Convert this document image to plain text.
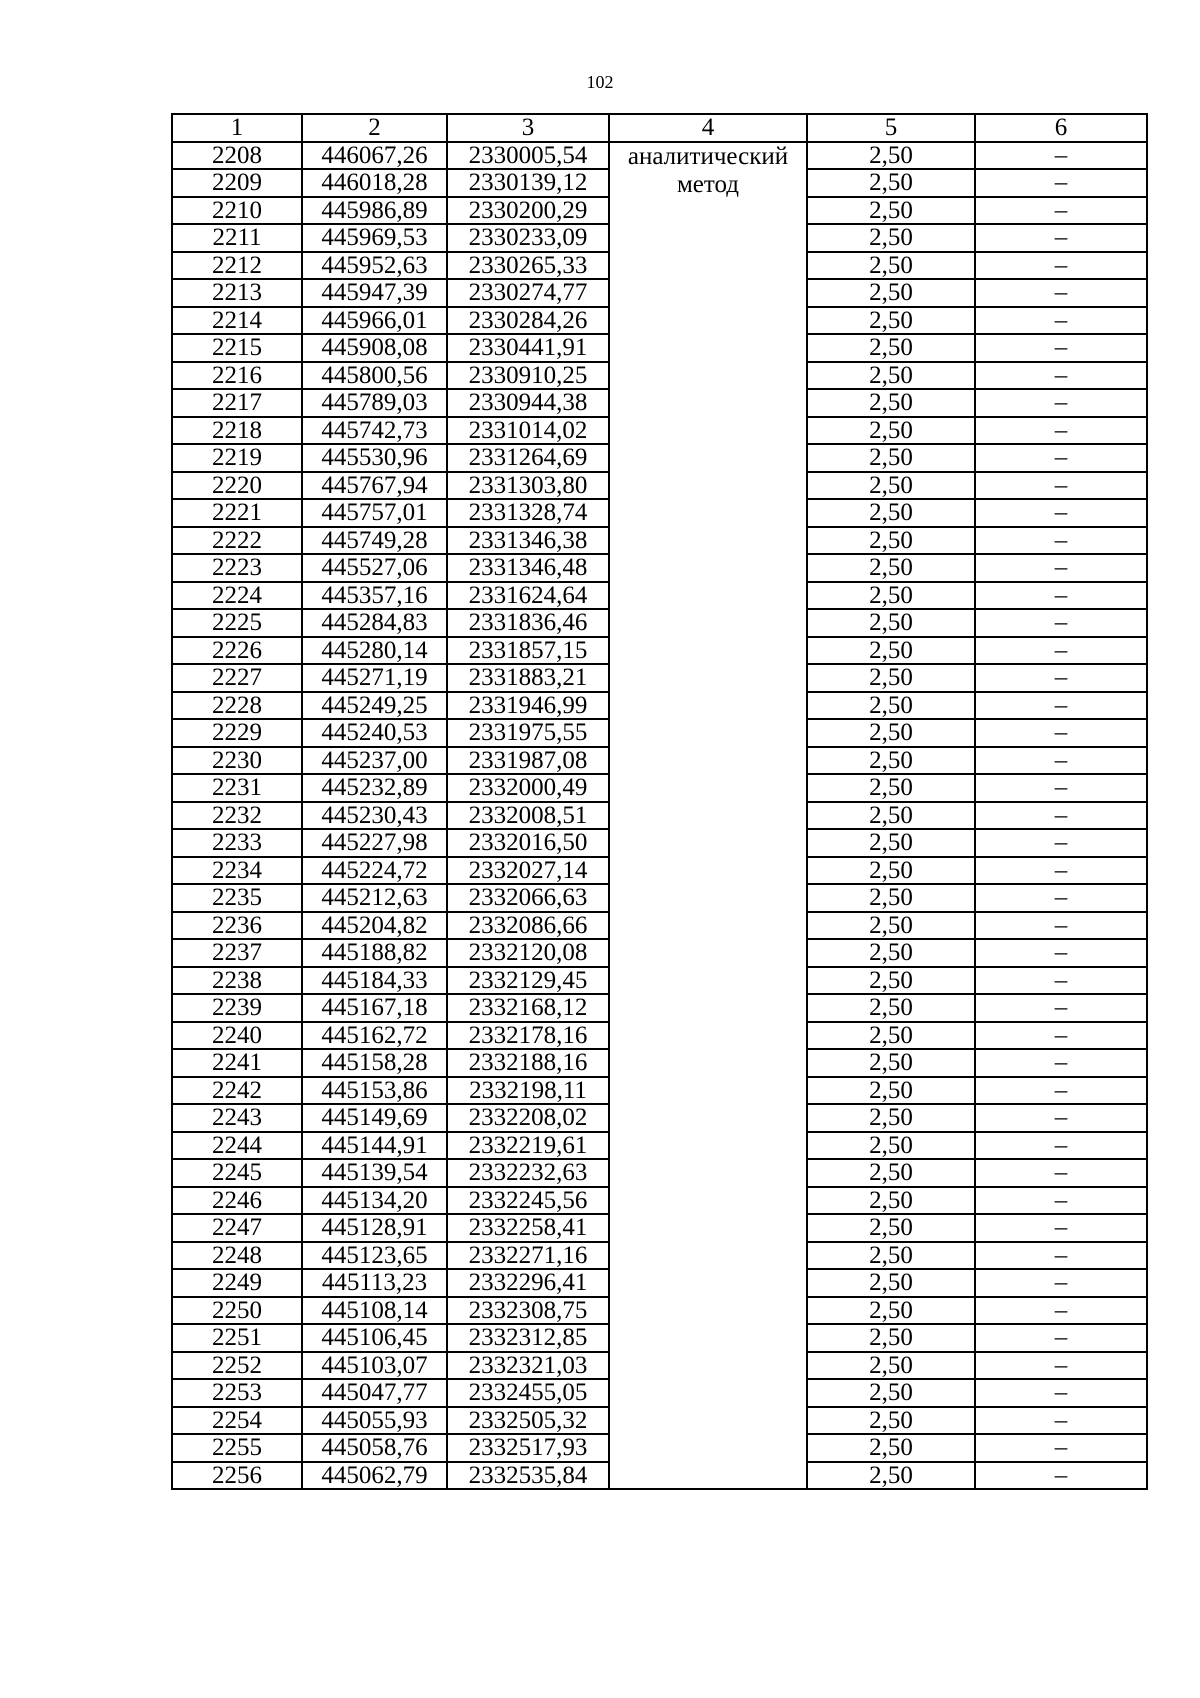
102
1	2	3	4	5	6
2208	446067,26	2330005,54	аналитический метод	2,50	–
2209	446018,28	2330139,12		2,50	–
2210	445986,89	2330200,29		2,50	–
2211	445969,53	2330233,09		2,50	–
2212	445952,63	2330265,33		2,50	–
2213	445947,39	2330274,77		2,50	–
2214	445966,01	2330284,26		2,50	–
2215	445908,08	2330441,91		2,50	–
2216	445800,56	2330910,25		2,50	–
2217	445789,03	2330944,38		2,50	–
2218	445742,73	2331014,02		2,50	–
2219	445530,96	2331264,69		2,50	–
2220	445767,94	2331303,80		2,50	–
2221	445757,01	2331328,74		2,50	–
2222	445749,28	2331346,38		2,50	–
2223	445527,06	2331346,48		2,50	–
2224	445357,16	2331624,64		2,50	–
2225	445284,83	2331836,46		2,50	–
2226	445280,14	2331857,15		2,50	–
2227	445271,19	2331883,21		2,50	–
2228	445249,25	2331946,99		2,50	–
2229	445240,53	2331975,55		2,50	–
2230	445237,00	2331987,08		2,50	–
2231	445232,89	2332000,49		2,50	–
2232	445230,43	2332008,51		2,50	–
2233	445227,98	2332016,50		2,50	–
2234	445224,72	2332027,14		2,50	–
2235	445212,63	2332066,63		2,50	–
2236	445204,82	2332086,66		2,50	–
2237	445188,82	2332120,08		2,50	–
2238	445184,33	2332129,45		2,50	–
2239	445167,18	2332168,12		2,50	–
2240	445162,72	2332178,16		2,50	–
2241	445158,28	2332188,16		2,50	–
2242	445153,86	2332198,11		2,50	–
2243	445149,69	2332208,02		2,50	–
2244	445144,91	2332219,61		2,50	–
2245	445139,54	2332232,63		2,50	–
2246	445134,20	2332245,56		2,50	–
2247	445128,91	2332258,41		2,50	–
2248	445123,65	2332271,16		2,50	–
2249	445113,23	2332296,41		2,50	–
2250	445108,14	2332308,75		2,50	–
2251	445106,45	2332312,85		2,50	–
2252	445103,07	2332321,03		2,50	–
2253	445047,77	2332455,05		2,50	–
2254	445055,93	2332505,32		2,50	–
2255	445058,76	2332517,93		2,50	–
2256	445062,79	2332535,84		2,50	–
